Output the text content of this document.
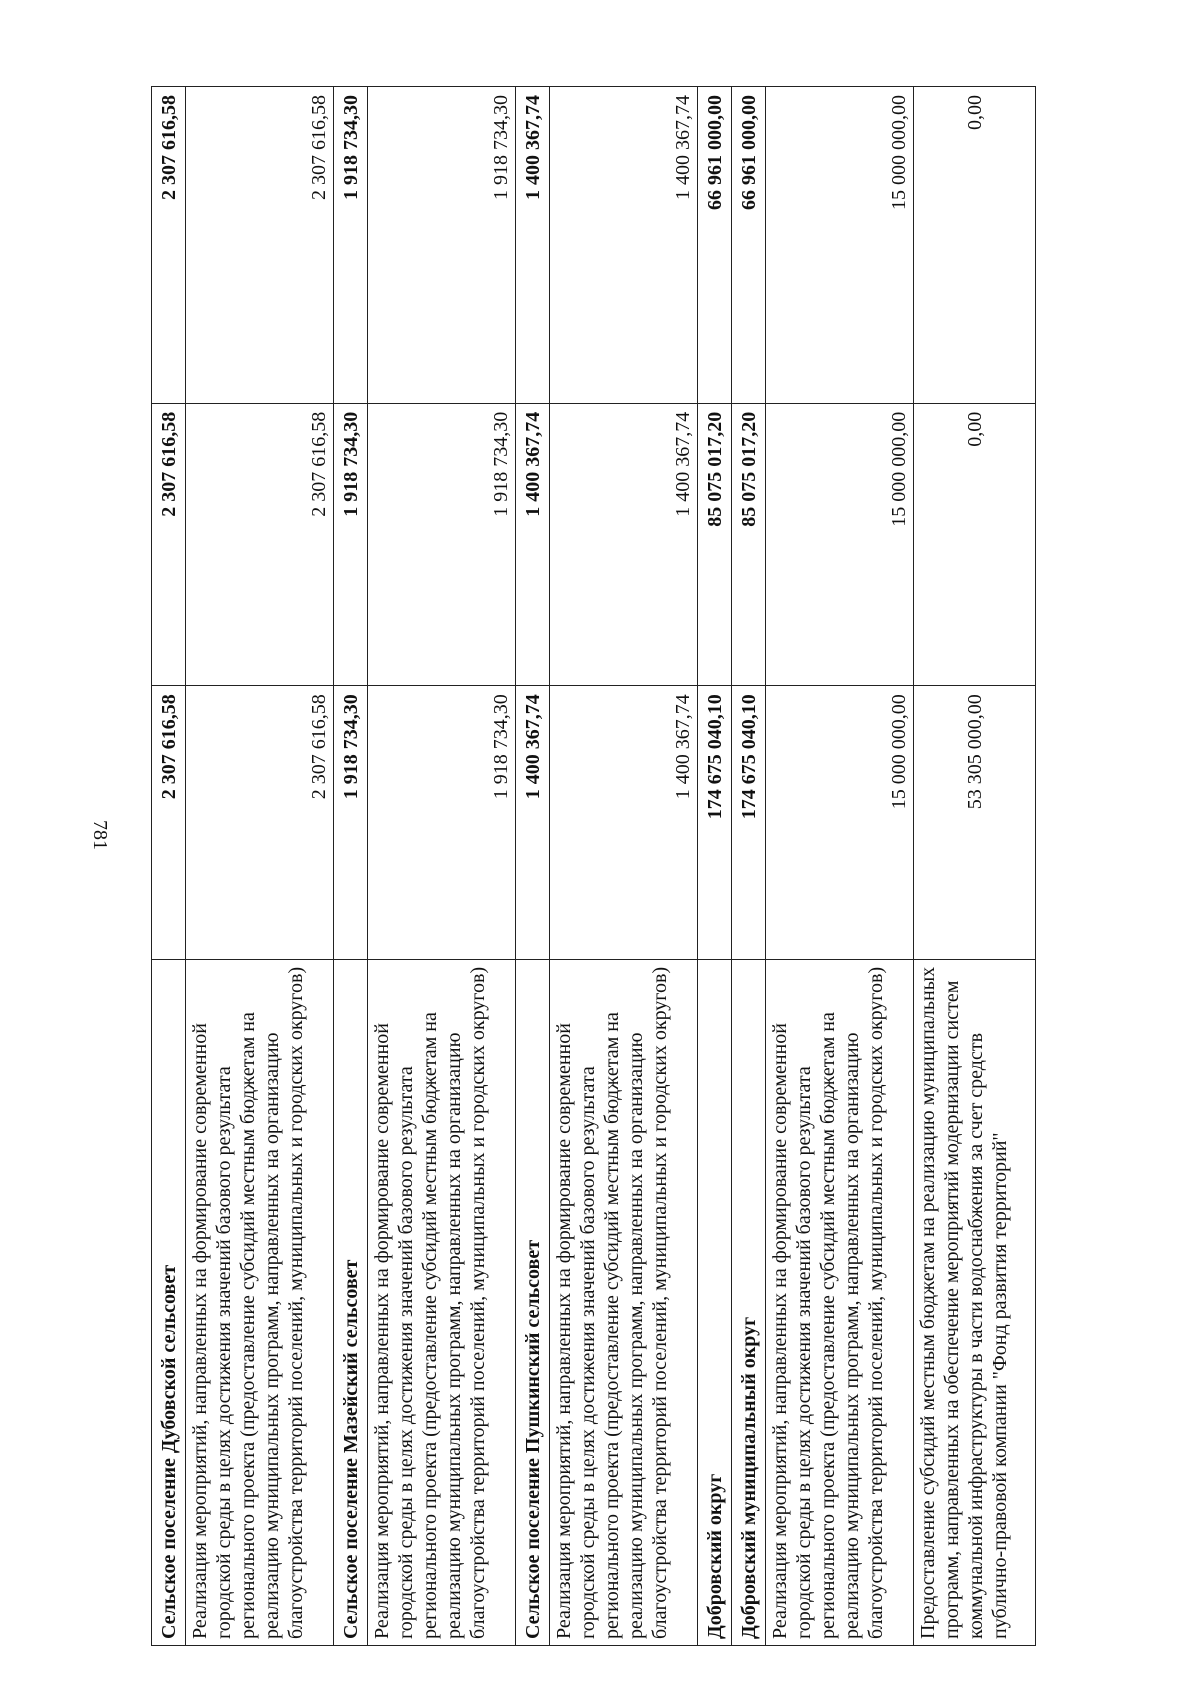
781
Сельское поселение Дубовской сельсовет	2 307 616,58	2 307 616,58	2 307 616,58
Реализация мероприятий, направленных на формирование современной городской среды в целях достижения значений базового результата регионального проекта (предоставление субсидий местным бюджетам на реализацию муниципальных программ, направленных на организацию благоустройства территорий поселений, муниципальных и городских округов)	2 307 616,58	2 307 616,58	2 307 616,58
Сельское поселение Мазейский сельсовет	1 918 734,30	1 918 734,30	1 918 734,30
Реализация мероприятий, направленных на формирование современной городской среды в целях достижения значений базового результата регионального проекта (предоставление субсидий местным бюджетам на реализацию муниципальных программ, направленных на организацию благоустройства территорий поселений, муниципальных и городских округов)	1 918 734,30	1 918 734,30	1 918 734,30
Сельское поселение Пушкинский сельсовет	1 400 367,74	1 400 367,74	1 400 367,74
Реализация мероприятий, направленных на формирование современной городской среды в целях достижения значений базового результата регионального проекта (предоставление субсидий местным бюджетам на реализацию муниципальных программ, направленных на организацию благоустройства территорий поселений, муниципальных и городских округов)	1 400 367,74	1 400 367,74	1 400 367,74
Добровский округ	174 675 040,10	85 075 017,20	66 961 000,00
Добровский муниципальный округ	174 675 040,10	85 075 017,20	66 961 000,00
Реализация мероприятий, направленных на формирование современной городской среды в целях достижения значений базового результата регионального проекта (предоставление субсидий местным бюджетам на реализацию муниципальных программ, направленных на организацию благоустройства территорий поселений, муниципальных и городских округов)	15 000 000,00	15 000 000,00	15 000 000,00
Предоставление субсидий местным бюджетам на реализацию муниципальных программ, направленных на обеспечение мероприятий модернизации систем коммунальной инфраструктуры в части водоснабжения за счет средств публично-правовой компании "Фонд развития территорий"	53 305 000,00	0,00	0,00
